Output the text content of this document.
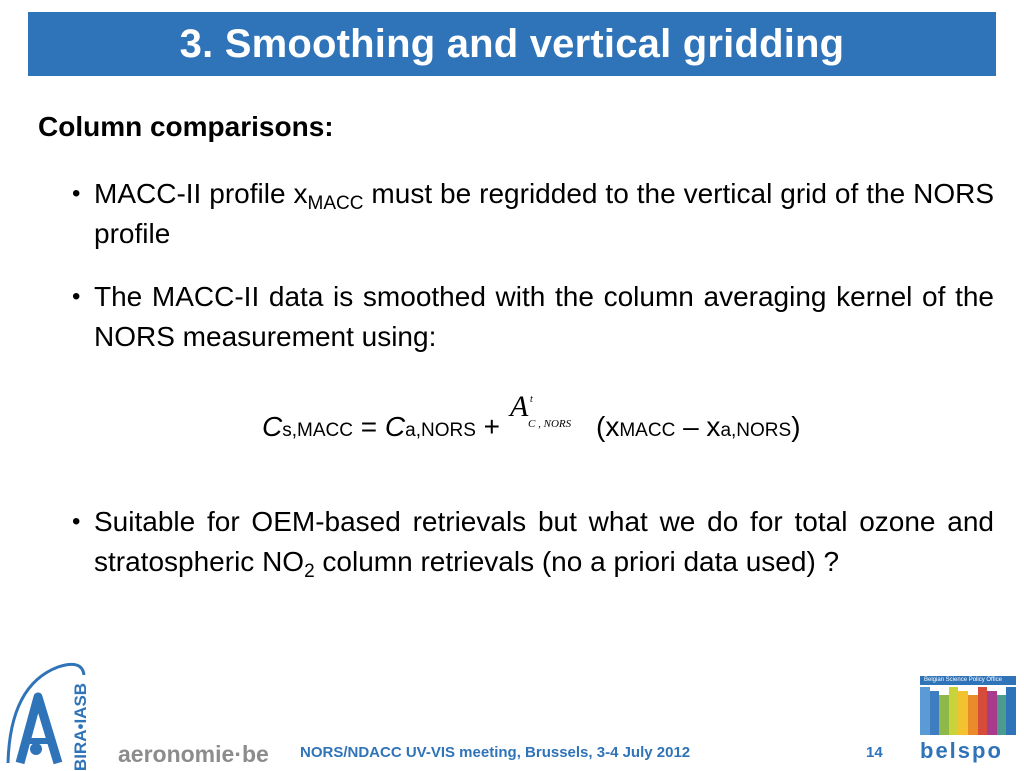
3. Smoothing and vertical gridding
Column comparisons:
• MACC-II profile $x_{MACC}$ must be regridded to the vertical grid of the NORS profile
• The MACC-II data is smoothed with the column averaging kernel of the NORS measurement using:
C s,MACC = C a,NORS +
A t
C , NORS (x MACC – x a,NORS )
• Suitable for OEM-based retrievals but what we do for total ozone and stratospheric $NO_2$ column retrievals (no a priori data used) ?
BIRA•IASB aeronomie·be NORS/NDACC UV-VIS meeting, Brussels, 3-4 July 2012	14
Belgian Science Policy Office
belspo
